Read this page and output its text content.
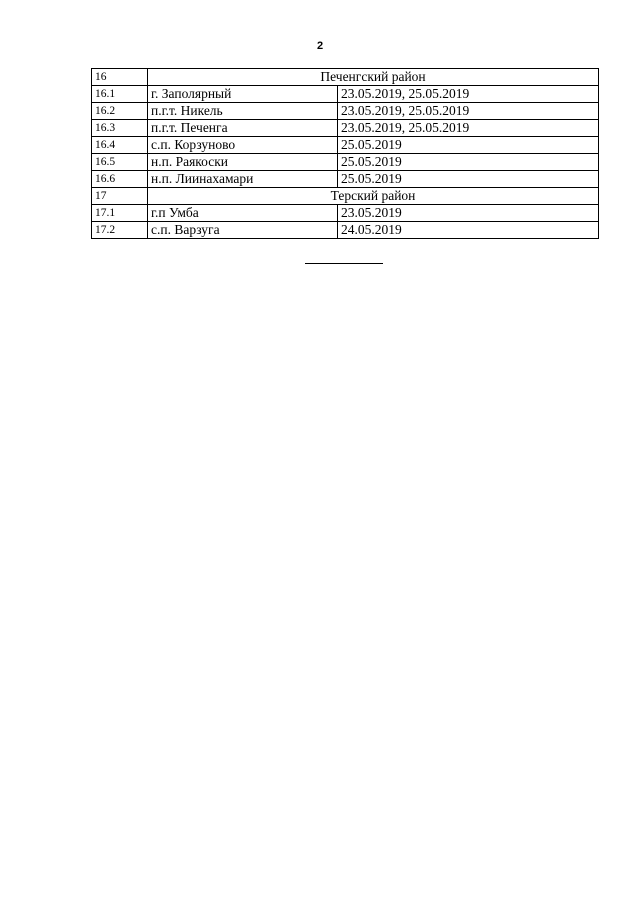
2
16	Печенгский район	
16.1	г. Заполярный	23.05.2019, 25.05.2019
16.2	п.г.т. Никель	23.05.2019, 25.05.2019
16.3	п.г.т. Печенга	23.05.2019, 25.05.2019
16.4	с.п. Корзуново	25.05.2019
16.5	н.п. Раякоски	25.05.2019
16.6	н.п. Лиинахамари	25.05.2019
17	Терский район	
17.1	г.п Умба	23.05.2019
17.2	с.п. Варзуга	24.05.2019
